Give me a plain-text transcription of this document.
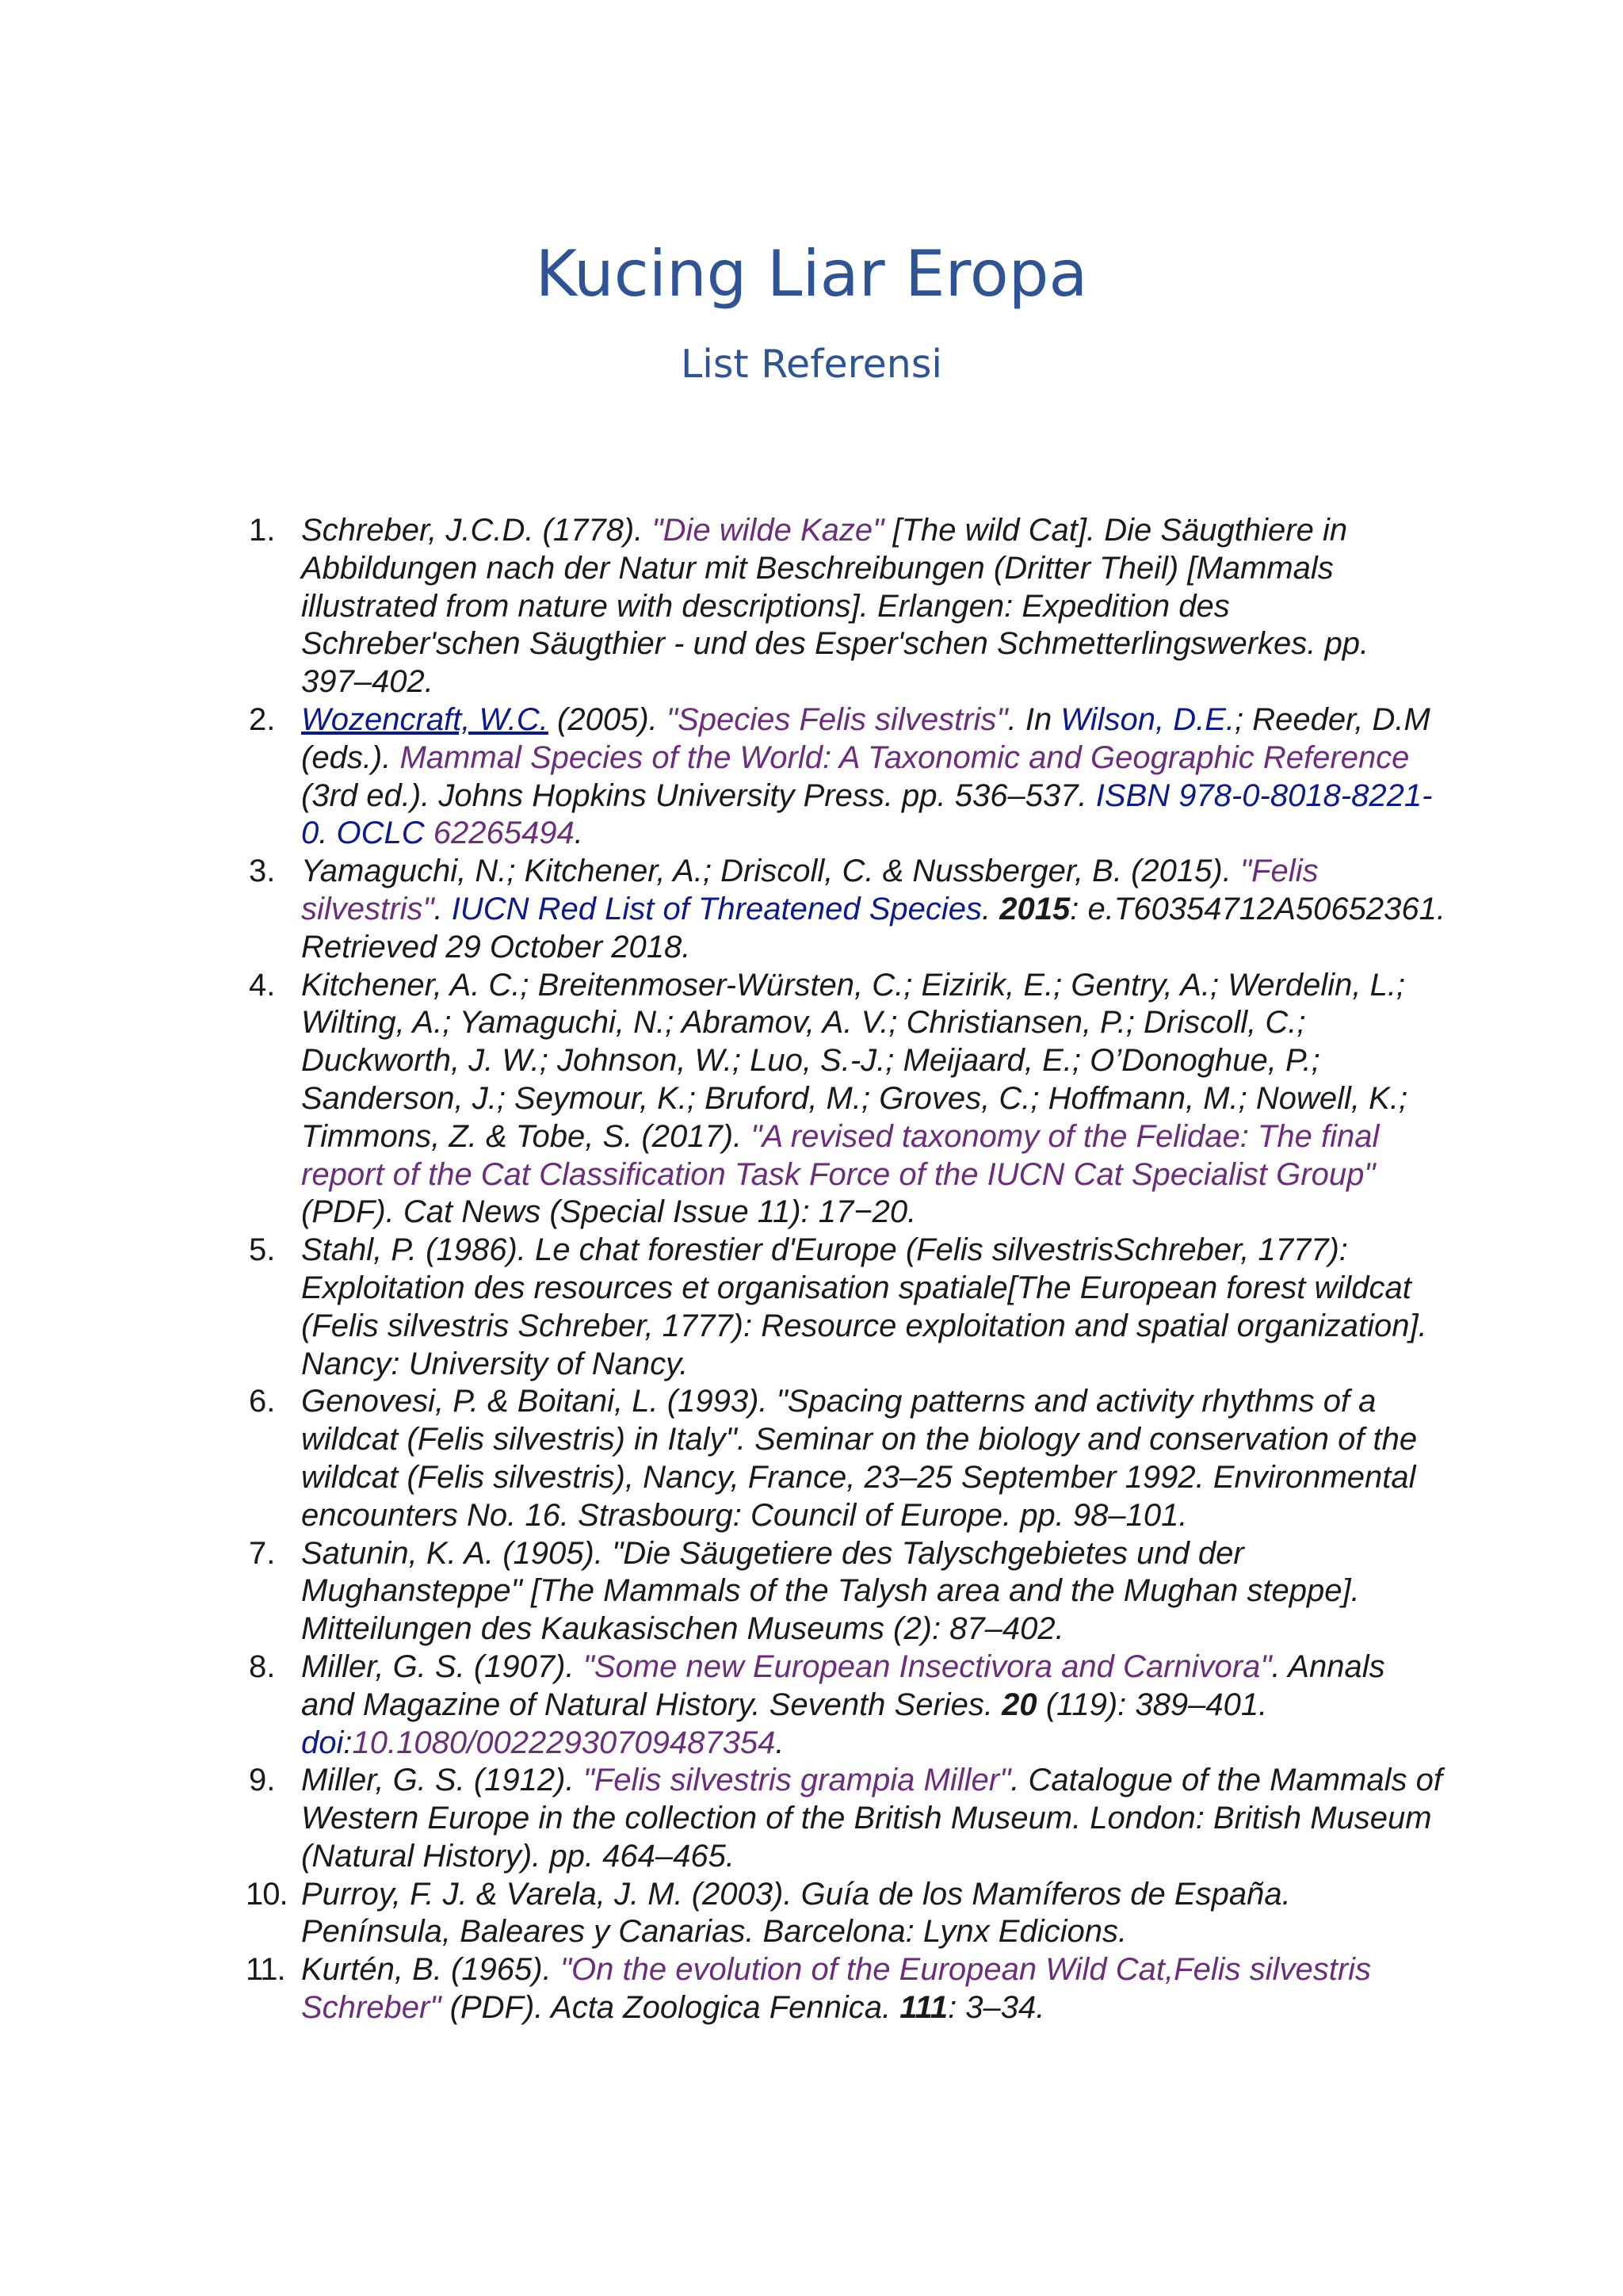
Kucing Liar Eropa
List Referensi
1. Schreber, J.C.D. (1778). "Die wilde Kaze" [The wild Cat]. Die Säugthiere in Abbildungen nach der Natur mit Beschreibungen (Dritter Theil) [Mammals illustrated from nature with descriptions]. Erlangen: Expedition des Schreber'schen Säugthier - und des Esper'schen Schmetterlingswerkes. pp. 397–402.
2. Wozencraft, W.C. (2005). "Species Felis silvestris". In Wilson, D.E.; Reeder, D.M (eds.). Mammal Species of the World: A Taxonomic and Geographic Reference (3rd ed.). Johns Hopkins University Press. pp. 536–537. ISBN 978-0-8018-8221-0. OCLC 62265494.
3. Yamaguchi, N.; Kitchener, A.; Driscoll, C. & Nussberger, B. (2015). "Felis silvestris". IUCN Red List of Threatened Species. 2015: e.T60354712A50652361. Retrieved 29 October 2018.
4. Kitchener, A. C.; Breitenmoser-Würsten, C.; Eizirik, E.; Gentry, A.; Werdelin, L.; Wilting, A.; Yamaguchi, N.; Abramov, A. V.; Christiansen, P.; Driscoll, C.; Duckworth, J. W.; Johnson, W.; Luo, S.-J.; Meijaard, E.; O’Donoghue, P.; Sanderson, J.; Seymour, K.; Bruford, M.; Groves, C.; Hoffmann, M.; Nowell, K.; Timmons, Z. & Tobe, S. (2017). "A revised taxonomy of the Felidae: The final report of the Cat Classification Task Force of the IUCN Cat Specialist Group" (PDF). Cat News (Special Issue 11): 17−20.
5. Stahl, P. (1986). Le chat forestier d'Europe (Felis silvestrisSchreber, 1777): Exploitation des resources et organisation spatiale[The European forest wildcat (Felis silvestris Schreber, 1777): Resource exploitation and spatial organization]. Nancy: University of Nancy.
6. Genovesi, P. & Boitani, L. (1993). "Spacing patterns and activity rhythms of a wildcat (Felis silvestris) in Italy". Seminar on the biology and conservation of the wildcat (Felis silvestris), Nancy, France, 23–25 September 1992. Environmental encounters No. 16. Strasbourg: Council of Europe. pp. 98–101.
7. Satunin, K. A. (1905). "Die Säugetiere des Talyschgebietes und der Mughansteppe" [The Mammals of the Talysh area and the Mughan steppe]. Mitteilungen des Kaukasischen Museums (2): 87–402.
8. Miller, G. S. (1907). "Some new European Insectivora and Carnivora". Annals and Magazine of Natural History. Seventh Series. 20 (119): 389–401. doi:10.1080/00222930709487354.
9. Miller, G. S. (1912). "Felis silvestris grampia Miller". Catalogue of the Mammals of Western Europe in the collection of the British Museum. London: British Museum (Natural History). pp. 464–465.
10. Purroy, F. J. & Varela, J. M. (2003). Guía de los Mamíferos de España. Península, Baleares y Canarias. Barcelona: Lynx Edicions.
11. Kurtén, B. (1965). "On the evolution of the European Wild Cat,Felis silvestris Schreber" (PDF). Acta Zoologica Fennica. 111: 3–34.
